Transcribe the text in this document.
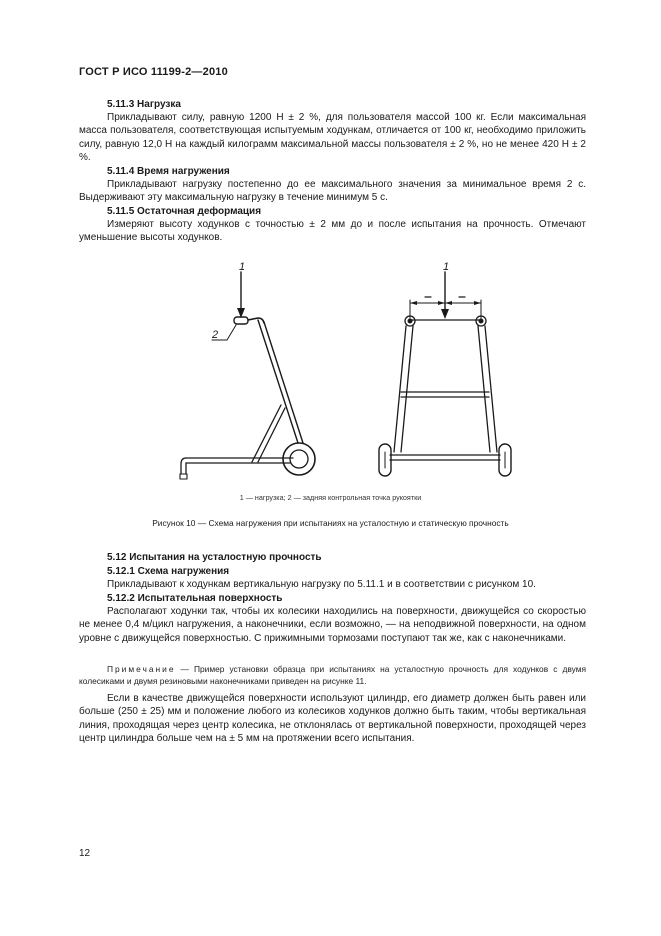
ГОСТ Р ИСО 11199-2—2010
5.11.3 Нагрузка
Прикладывают силу, равную 1200 Н ± 2 %, для пользователя массой 100 кг. Если максимальная масса пользователя, соответствующая испытуемым ходункам, отличается от 100 кг, необходимо приложить силу, равную 12,0 Н на каждый килограмм максимальной массы пользователя ± 2 %, но не менее 420 Н ± 2 %.
5.11.4 Время нагружения
Прикладывают нагрузку постепенно до ее максимального значения за минимальное время 2 с. Выдерживают эту максимальную нагрузку в течение минимум 5 с.
5.11.5 Остаточная деформация
Измеряют высоту ходунков с точностью ± 2 мм до и после испытания на прочность. Отмечают уменьшение высоты ходунков.
1
2
1
1 — нагрузка; 2 — задняя контрольная точка рукоятки
Рисунок 10 — Схема нагружения при испытаниях на усталостную и статическую прочность
5.12 Испытания на усталостную прочность
5.12.1 Схема нагружения
Прикладывают к ходункам вертикальную нагрузку по 5.11.1 и в соответствии с рисунком 10.
5.12.2 Испытательная поверхность
Располагают ходунки так, чтобы их колесики находились на поверхности, движущейся со скоростью не менее 0,4 м/цикл нагружения, а наконечники, если возможно, — на неподвижной поверхности, на одном уровне с движущейся поверхностью. С прижимными тормозами поступают так же, как с наконечниками.
Примечание — Пример установки образца при испытаниях на усталостную прочность для ходунков с двумя колесиками и двумя резиновыми наконечниками приведен на рисунке 11.
Если в качестве движущейся поверхности используют цилиндр, его диаметр должен быть равен или больше (250 ± 25) мм и положение любого из колесиков ходунков должно быть таким, чтобы вертикальная линия, проходящая через центр колесика, не отклонялась от вертикальной поверхности, проходящей через центр цилиндра больше чем на ± 5 мм на протяжении всего испытания.
12
